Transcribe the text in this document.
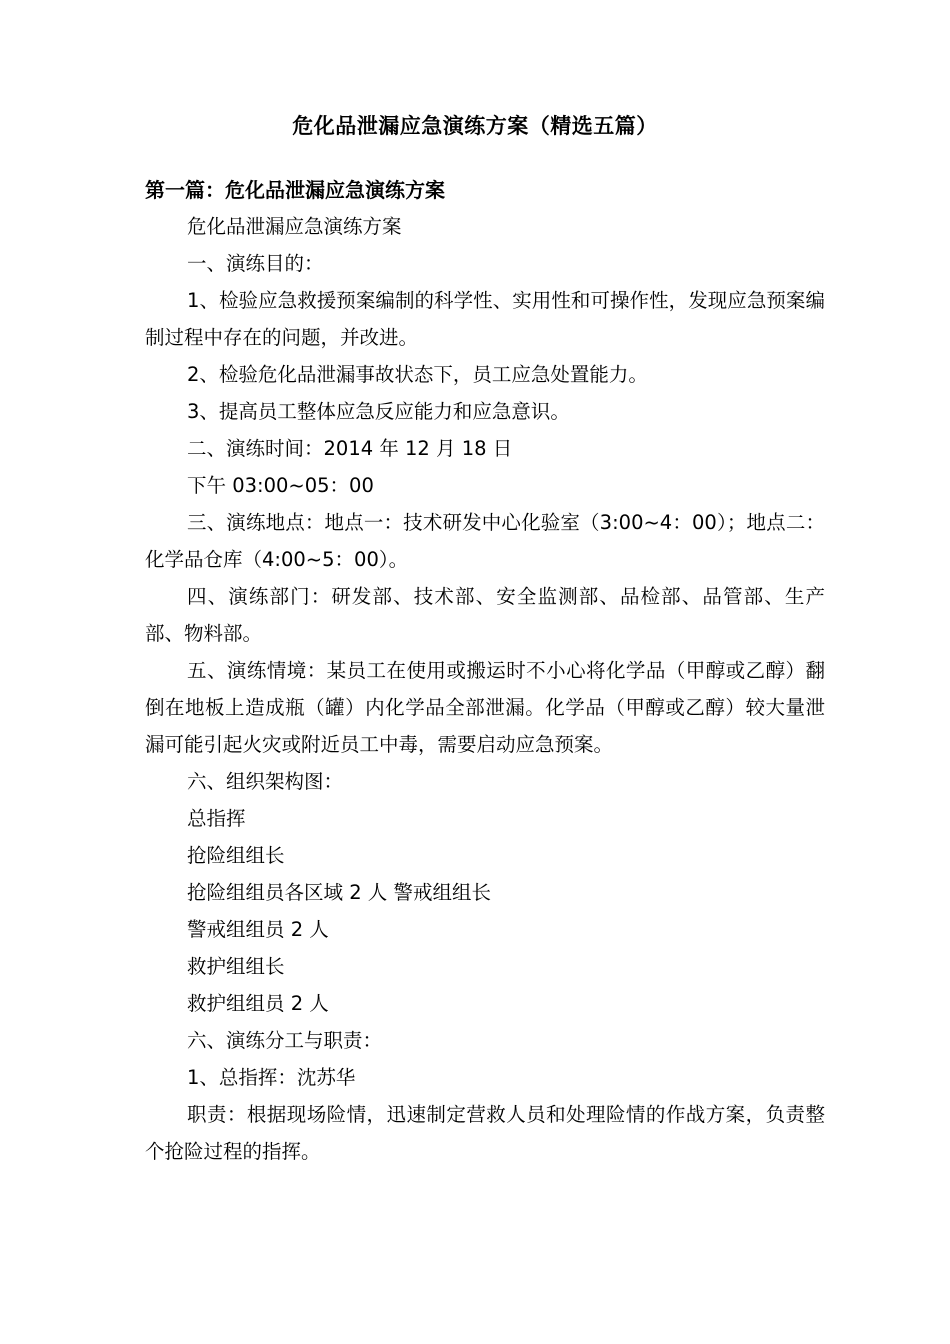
危化品泄漏应急演练方案（精选五篇）

第一篇：危化品泄漏应急演练方案

危化品泄漏应急演练方案

一、演练目的：

1、检验应急救援预案编制的科学性、实用性和可操作性，发现应急预案编制过程中存在的问题，并改进。

2、检验危化品泄漏事故状态下，员工应急处置能力。

3、提高员工整体应急反应能力和应急意识。

二、演练时间：2014 年 12 月 18 日

下午 03:00~05：00

三、演练地点：地点一：技术研发中心化验室（3:00~4：00）；地点二：化学品仓库（4:00~5：00）。

四、演练部门：研发部、技术部、安全监测部、品检部、品管部、生产部、物料部。

五、演练情境：某员工在使用或搬运时不小心将化学品（甲醇或乙醇）翻倒在地板上造成瓶（罐）内化学品全部泄漏。化学品（甲醇或乙醇）较大量泄漏可能引起火灾或附近员工中毒，需要启动应急预案。

六、组织架构图：

总指挥

抢险组组长

抢险组组员各区域 2 人 警戒组组长

警戒组组员 2 人

救护组组长

救护组组员 2 人

六、演练分工与职责：

1、总指挥：沈苏华

职责：根据现场险情，迅速制定营救人员和处理险情的作战方案，负责整个抢险过程的指挥。
